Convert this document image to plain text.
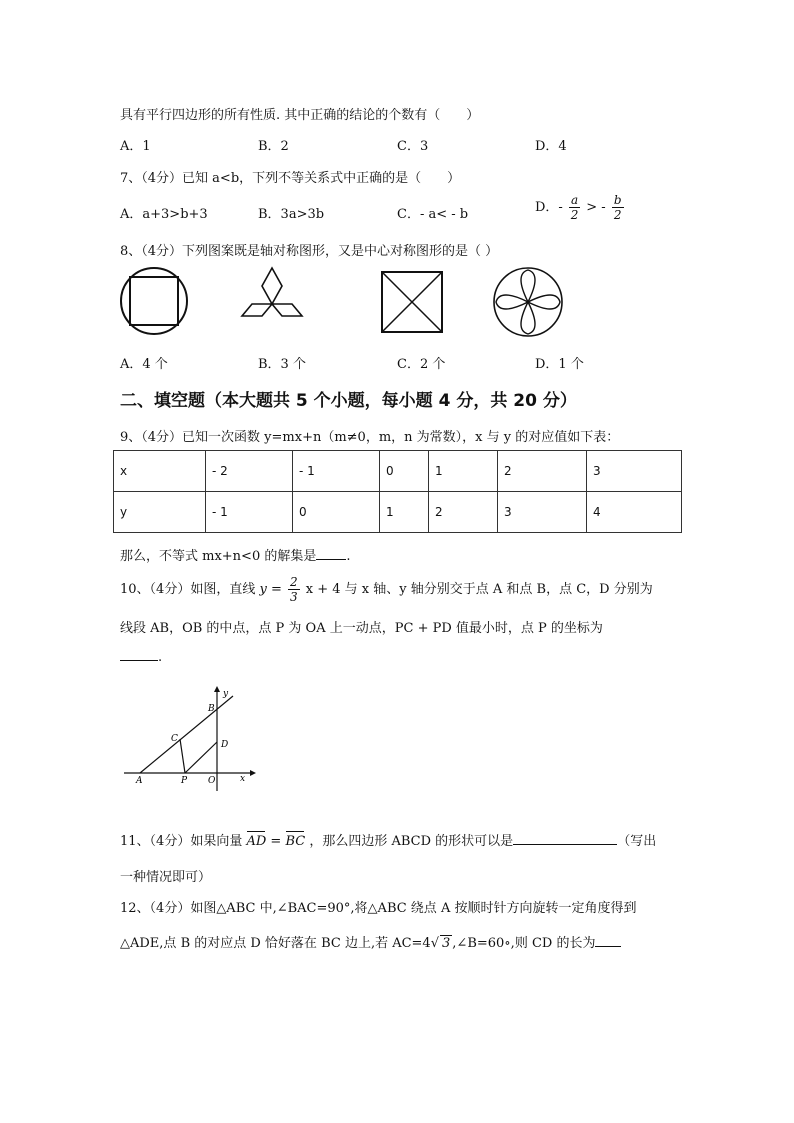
具有平行四边形的所有性质. 其中正确的结论的个数有（　　）
A．1	B．2	C．3	D．4
7、（4分）已知 a<b，下列不等关系式中正确的是（　　）
A．a+3>b+3	B．3a>3b	C．- a< - b	D．- $\frac{a}{2}$ > - $\frac{b}{2}$
8、（4分）下列图案既是轴对称图形，又是中心对称图形的是（ ）
A．4 个	B．3 个	C．2 个	D．1 个
二、填空题（本大题共 5 个小题，每小题 4 分，共 20 分）
9、（4分）已知一次函数 y=mx+n（m≠0，m，n 为常数），x 与 y 的对应值如下表：
x	- 2	- 1	0	1	2	3
y	- 1	0	1	2	3	4
那么，不等式 mx+n<0 的解集是 .
10、（4分）如图，直线 $y = \frac{2}{3}$ x + 4 与 x 轴、y 轴分别交于点 A 和点 B，点 C，D 分别为
线段 AB，OB 的中点，点 P 为 OA 上一动点，PC + PD 值最小时，点 P 的坐标为
.
y
B
C
D
A	P O	x
11、（4分）如果向量 AD = BC ，那么四边形 ABCD 的形状可以是	（写出
一种情况即可）
12、（4分）如图△ABC 中,∠BAC=90°,将△ABC 绕点 A 按顺时针方向旋转一定角度得到
△ADE,点 B 的对应点 D 恰好落在 BC 边上,若 AC=4√ 3 ,∠B=60∘,则 CD 的长为
